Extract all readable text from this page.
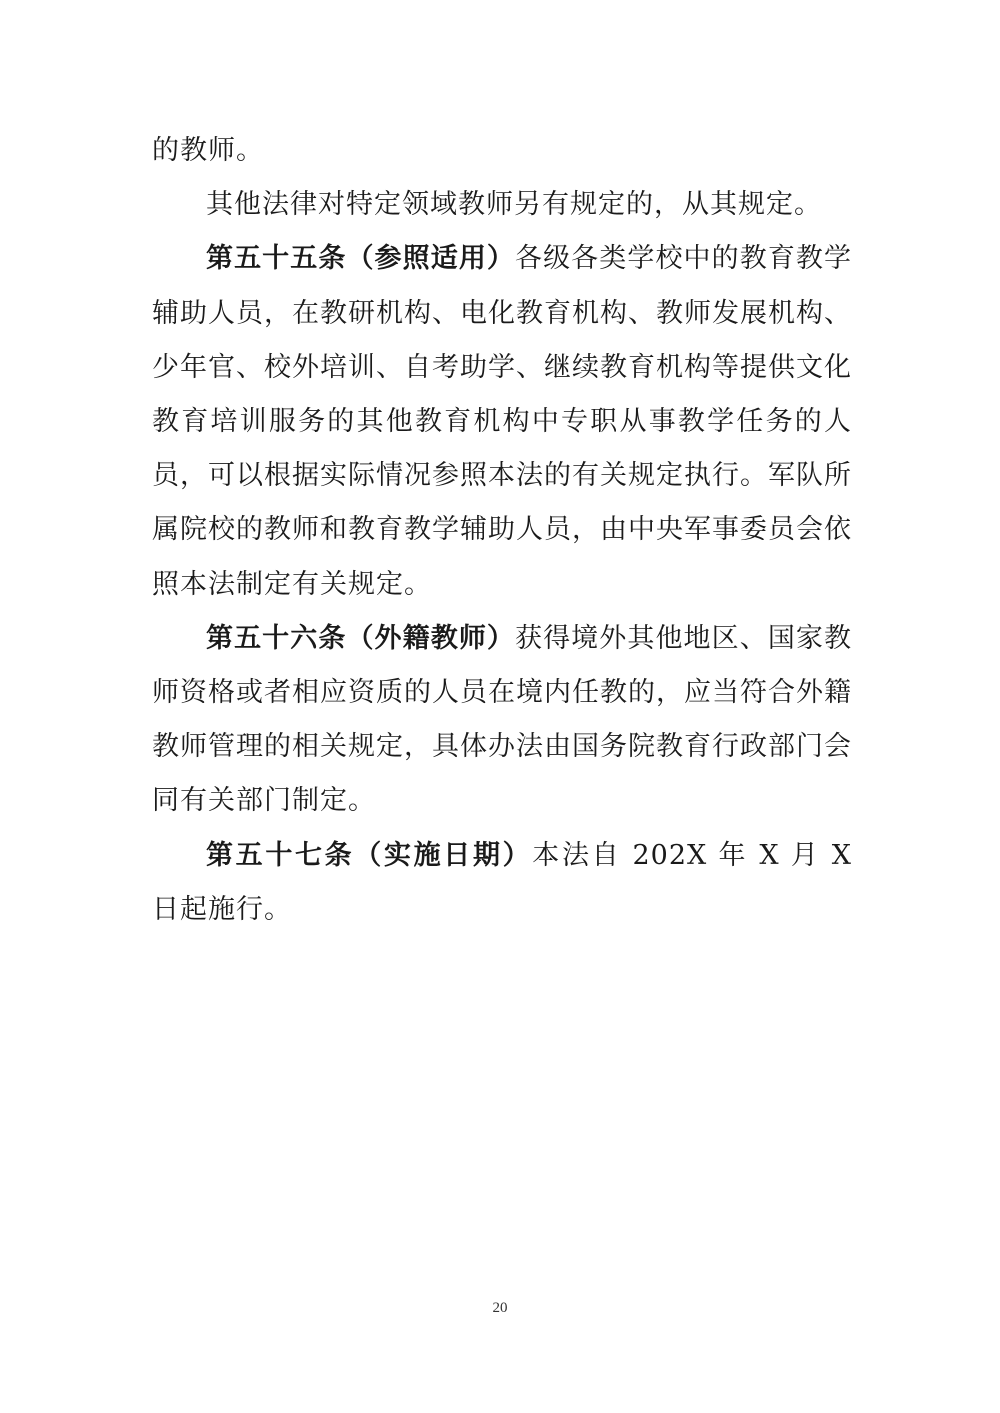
的教师。

其他法律对特定领域教师另有规定的，从其规定。

第五十五条（参照适用）各级各类学校中的教育教学辅助人员，在教研机构、电化教育机构、教师发展机构、少年官、校外培训、自考助学、继续教育机构等提供文化教育培训服务的其他教育机构中专职从事教学任务的人员，可以根据实际情况参照本法的有关规定执行。军队所属院校的教师和教育教学辅助人员，由中央军事委员会依照本法制定有关规定。

第五十六条（外籍教师）获得境外其他地区、国家教师资格或者相应资质的人员在境内任教的，应当符合外籍教师管理的相关规定，具体办法由国务院教育行政部门会同有关部门制定。

第五十七条（实施日期）本法自 202X 年 X 月 X 日起施行。

20
